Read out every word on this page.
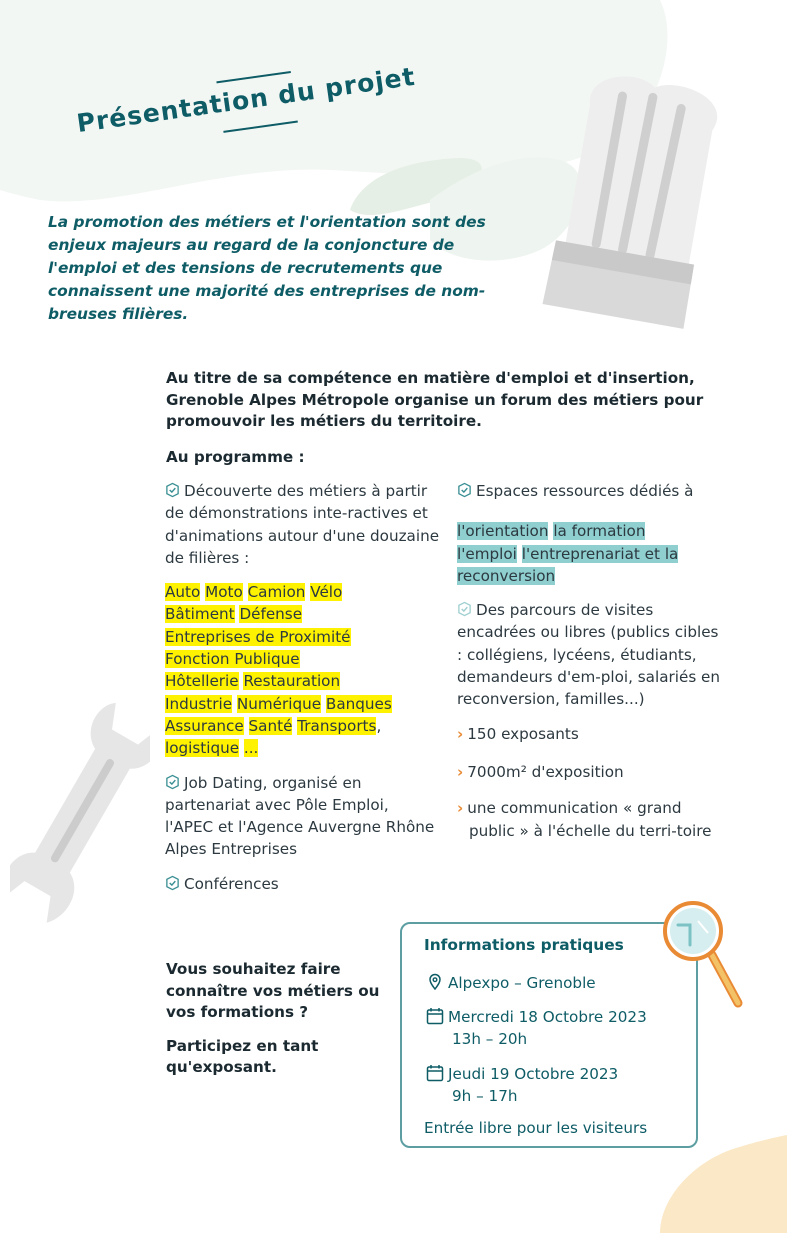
Présentation du projet
La promotion des métiers et l'orientation sont des enjeux majeurs au regard de la conjoncture de l'emploi et des tensions de recrutements que connaissent une majorité des entreprises de nom-breuses filières.
Au titre de sa compétence en matière d'emploi et d'insertion, Grenoble Alpes Métropole organise un forum des métiers pour promouvoir les métiers du territoire.
Au programme :

Découverte des métiers à partir de démonstrations inte-ractives et d'animations autour d'une douzaine de filières :

Auto Moto Camion Vélo
Bâtiment Défense
Entreprises de Proximité
Fonction Publique
Hôtellerie Restauration
Industrie Numérique Banques
Assurance Santé Transports,
logistique ...

Job Dating, organisé en partenariat avec Pôle Emploi, l'APEC et l'Agence Auvergne Rhône Alpes Entreprises

Conférences

Espaces ressources dédiés à

l'orientation la formation
l'emploi l'entreprenariat et la reconversion

Des parcours de visites encadrées ou libres (publics cibles : collégiens, lycéens, étudiants, demandeurs d'em-ploi, salariés en reconversion, familles...)

› 150 exposants

› 7000m² d'exposition

› une communication « grand public » à l'échelle du terri-toire

Vous souhaitez faire connaître vos métiers ou vos formations ?
Participez en tant qu'exposant.
Informations pratiques
Alpexpo – Grenoble
Mercredi 18 Octobre 2023
13h – 20h
Jeudi 19 Octobre 2023
9h – 17h
Entrée libre pour les visiteurs
